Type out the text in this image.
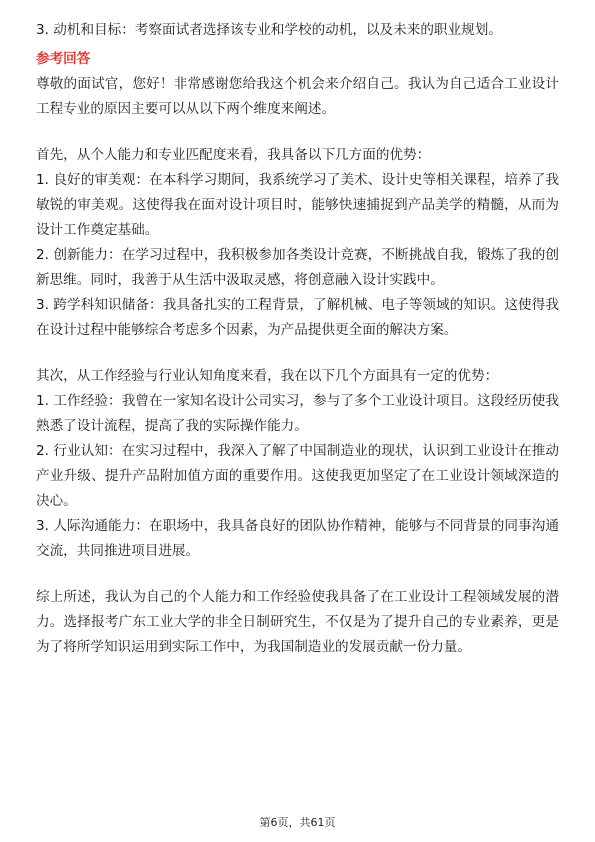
3. 动机和目标：考察面试者选择该专业和学校的动机，以及未来的职业规划。

参考回答

尊敬的面试官，您好！非常感谢您给我这个机会来介绍自己。我认为自己适合工业设计工程专业的原因主要可以从以下两个维度来阐述。

首先，从个人能力和专业匹配度来看，我具备以下几方面的优势：

1. 良好的审美观：在本科学习期间，我系统学习了美术、设计史等相关课程，培养了我敏锐的审美观。这使得我在面对设计项目时，能够快速捕捉到产品美学的精髓，从而为设计工作奠定基础。

2. 创新能力：在学习过程中，我积极参加各类设计竞赛，不断挑战自我，锻炼了我的创新思维。同时，我善于从生活中汲取灵感，将创意融入设计实践中。

3. 跨学科知识储备：我具备扎实的工程背景，了解机械、电子等领域的知识。这使得我在设计过程中能够综合考虑多个因素，为产品提供更全面的解决方案。

其次，从工作经验与行业认知角度来看，我在以下几个方面具有一定的优势：

1. 工作经验：我曾在一家知名设计公司实习，参与了多个工业设计项目。这段经历使我熟悉了设计流程，提高了我的实际操作能力。

2. 行业认知：在实习过程中，我深入了解了中国制造业的现状，认识到工业设计在推动产业升级、提升产品附加值方面的重要作用。这使我更加坚定了在工业设计领域深造的决心。

3. 人际沟通能力：在职场中，我具备良好的团队协作精神，能够与不同背景的同事沟通交流，共同推进项目进展。

综上所述，我认为自己的个人能力和工作经验使我具备了在工业设计工程领域发展的潜力。选择报考广东工业大学的非全日制研究生，不仅是为了提升自己的专业素养，更是为了将所学知识运用到实际工作中，为我国制造业的发展贡献一份力量。

第6页，共61页
